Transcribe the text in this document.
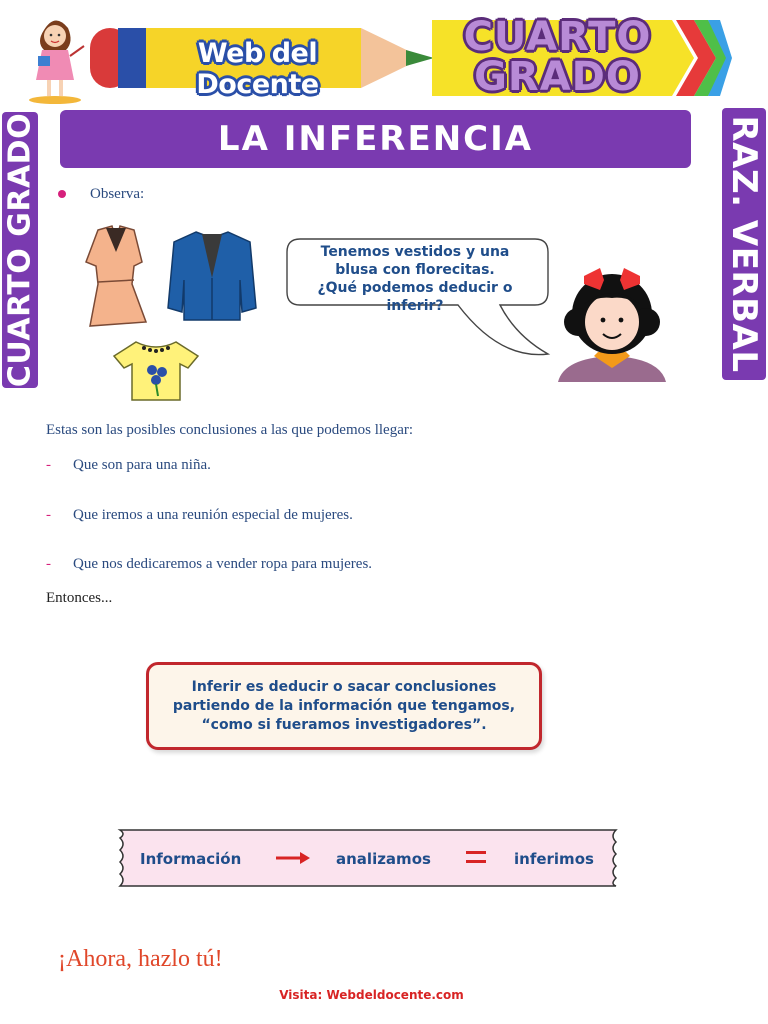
Web del Docente
CUARTO
GRADO
CUARTO GRADO	RAZ. VERBAL
LA INFERENCIA
Observa:
Tenemos vestidos y una
blusa con florecitas.
¿Qué podemos deducir o inferir?
Estas son las posibles conclusiones a las que podemos llegar:
- Que son para una niña.
- Que iremos a una reunión especial de mujeres.
- Que nos dedicaremos a vender ropa para mujeres.
Entonces...
Inferir es deducir o sacar conclusiones
partiendo de la información que tengamos,
“como si fueramos investigadores”.
Información	analizamos	inferimos
¡Ahora, hazlo tú!
Visita: Webdeldocente.com
